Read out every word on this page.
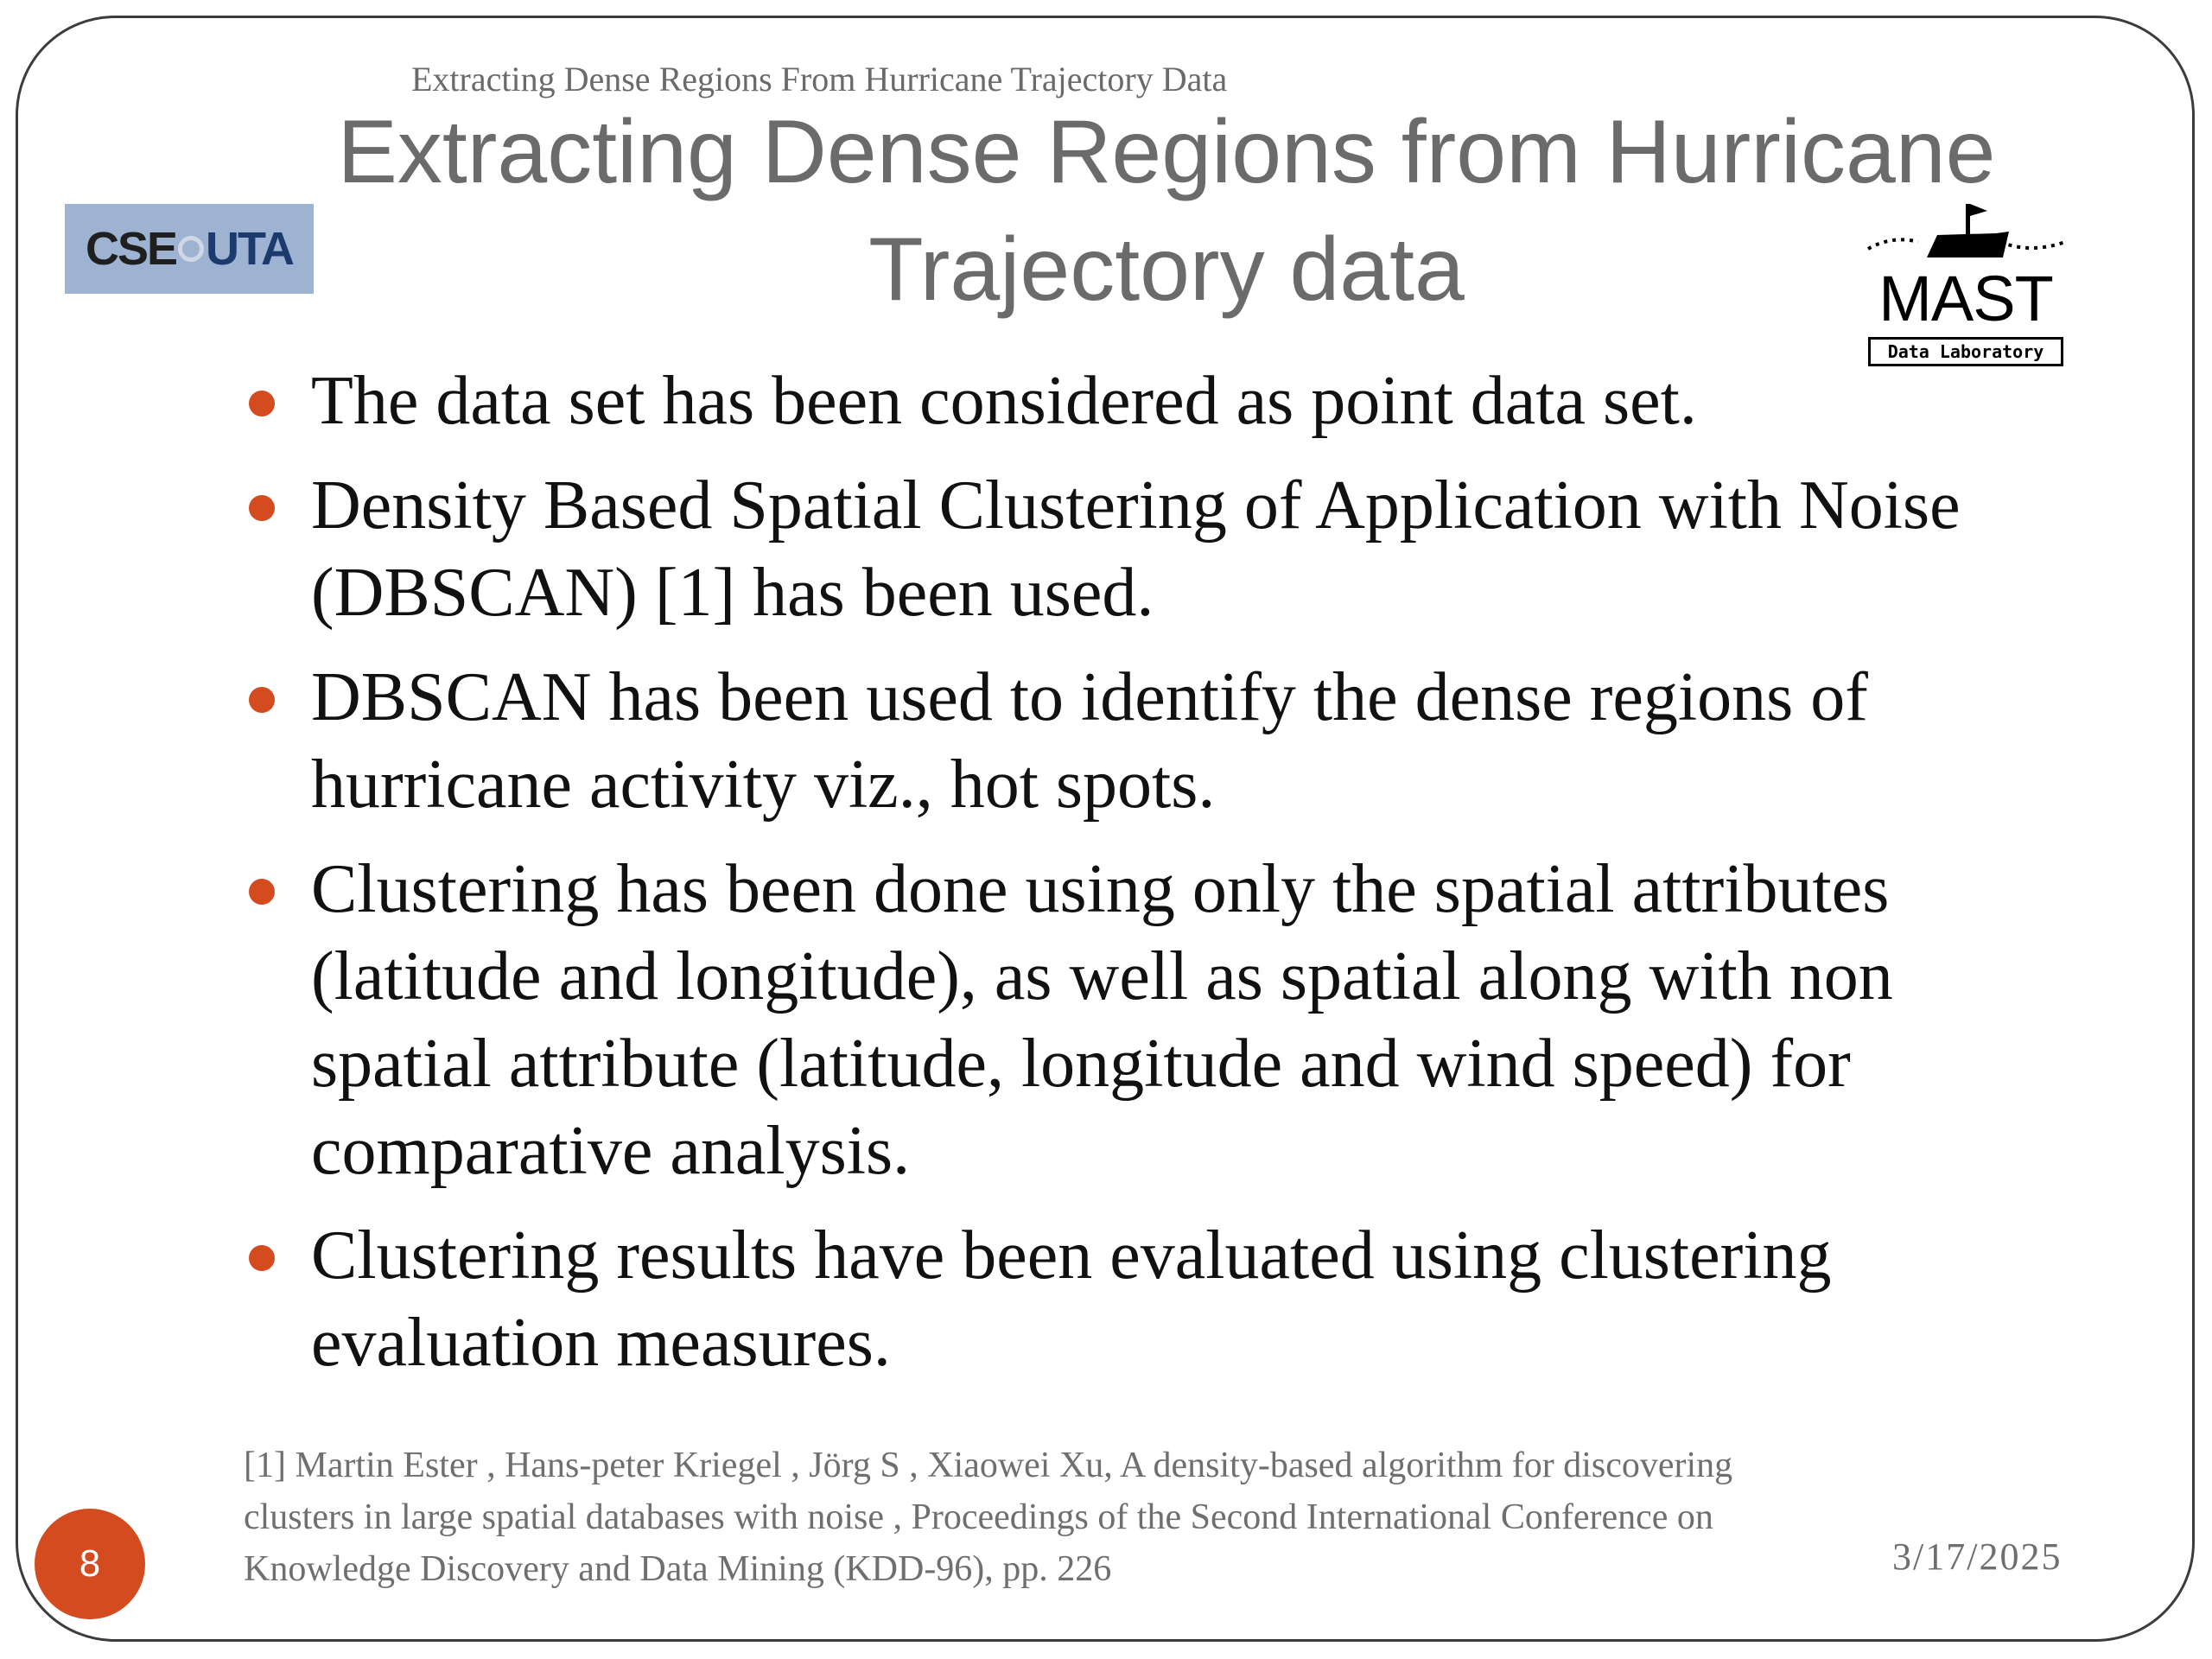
Extracting Dense Regions From Hurricane Trajectory Data
Extracting Dense Regions from Hurricane
Trajectory data
CSE UTA
MAST
Data Laboratory
The data set has been considered as point data set.
Density Based Spatial Clustering of Application with Noise
(DBSCAN) [1] has been used.
DBSCAN has been used to identify the dense regions of
hurricane activity viz., hot spots.
Clustering has been done using only the spatial attributes
(latitude and longitude), as well as spatial along with non
spatial attribute (latitude, longitude and wind speed) for
comparative analysis.
Clustering results have been evaluated using clustering
evaluation measures.
[1] Martin Ester , Hans-peter Kriegel , Jörg S , Xiaowei Xu, A density-based algorithm for discovering
clusters in large spatial databases with noise , Proceedings of the Second International Conference on
Knowledge Discovery and Data Mining (KDD-96), pp. 226	3/17/2025
8
